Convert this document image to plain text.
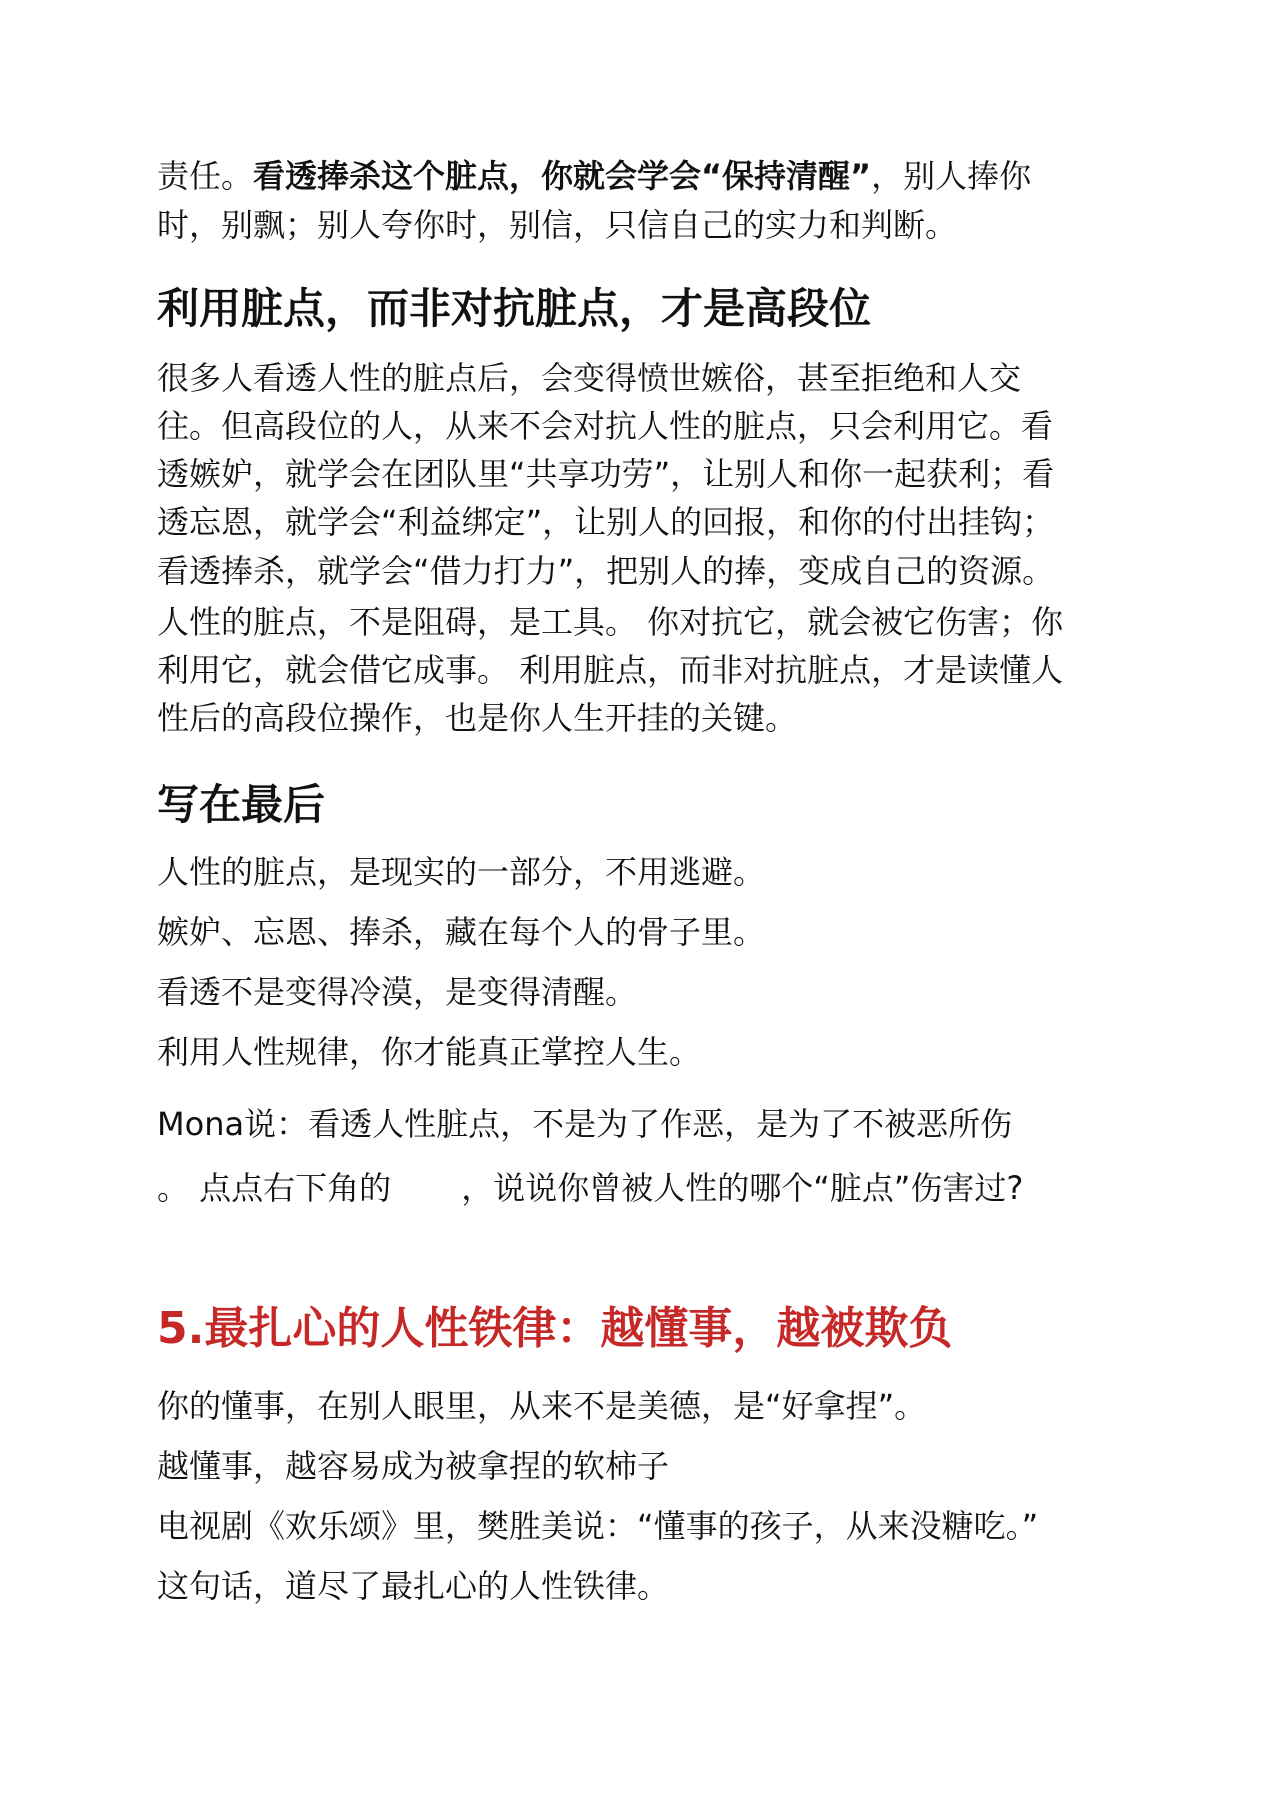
责任。看透捧杀这个脏点，你就会学会“保持清醒”，别人捧你
时，别飘；别人夸你时，别信，只信自己的实力和判断。
利用脏点，而非对抗脏点，才是高段位
很多人看透人性的脏点后，会变得愤世嫉俗，甚至拒绝和人交
往。但高段位的人，从来不会对抗人性的脏点，只会利用它。看
透嫉妒，就学会在团队里“共享功劳”，让别人和你一起获利；看
透忘恩，就学会“利益绑定”，让别人的回报，和你的付出挂钩；
看透捧杀，就学会“借力打力”，把别人的捧，变成自己的资源。
人性的脏点，不是阻碍，是工具。 你对抗它，就会被它伤害；你
利用它，就会借它成事。 利用脏点，而非对抗脏点，才是读懂人
性后的高段位操作，也是你人生开挂的关键。
写在最后
人性的脏点，是现实的一部分，不用逃避。
嫉妒、忘恩、捧杀，藏在每个人的骨子里。
看透不是变得冷漠，是变得清醒。
利用人性规律，你才能真正掌控人生。
Mona说：看透人性脏点，不是为了作恶，是为了不被恶所伤
。 点点右下角的 ，说说你曾被人性的哪个“脏点”伤害过?
5.最扎心的人性铁律：越懂事，越被欺负
你的懂事，在别人眼里，从来不是美德，是“好拿捏”。
越懂事，越容易成为被拿捏的软柿子
电视剧《欢乐颂》里，樊胜美说：“懂事的孩子，从来没糖吃。”
这句话，道尽了最扎心的人性铁律。
